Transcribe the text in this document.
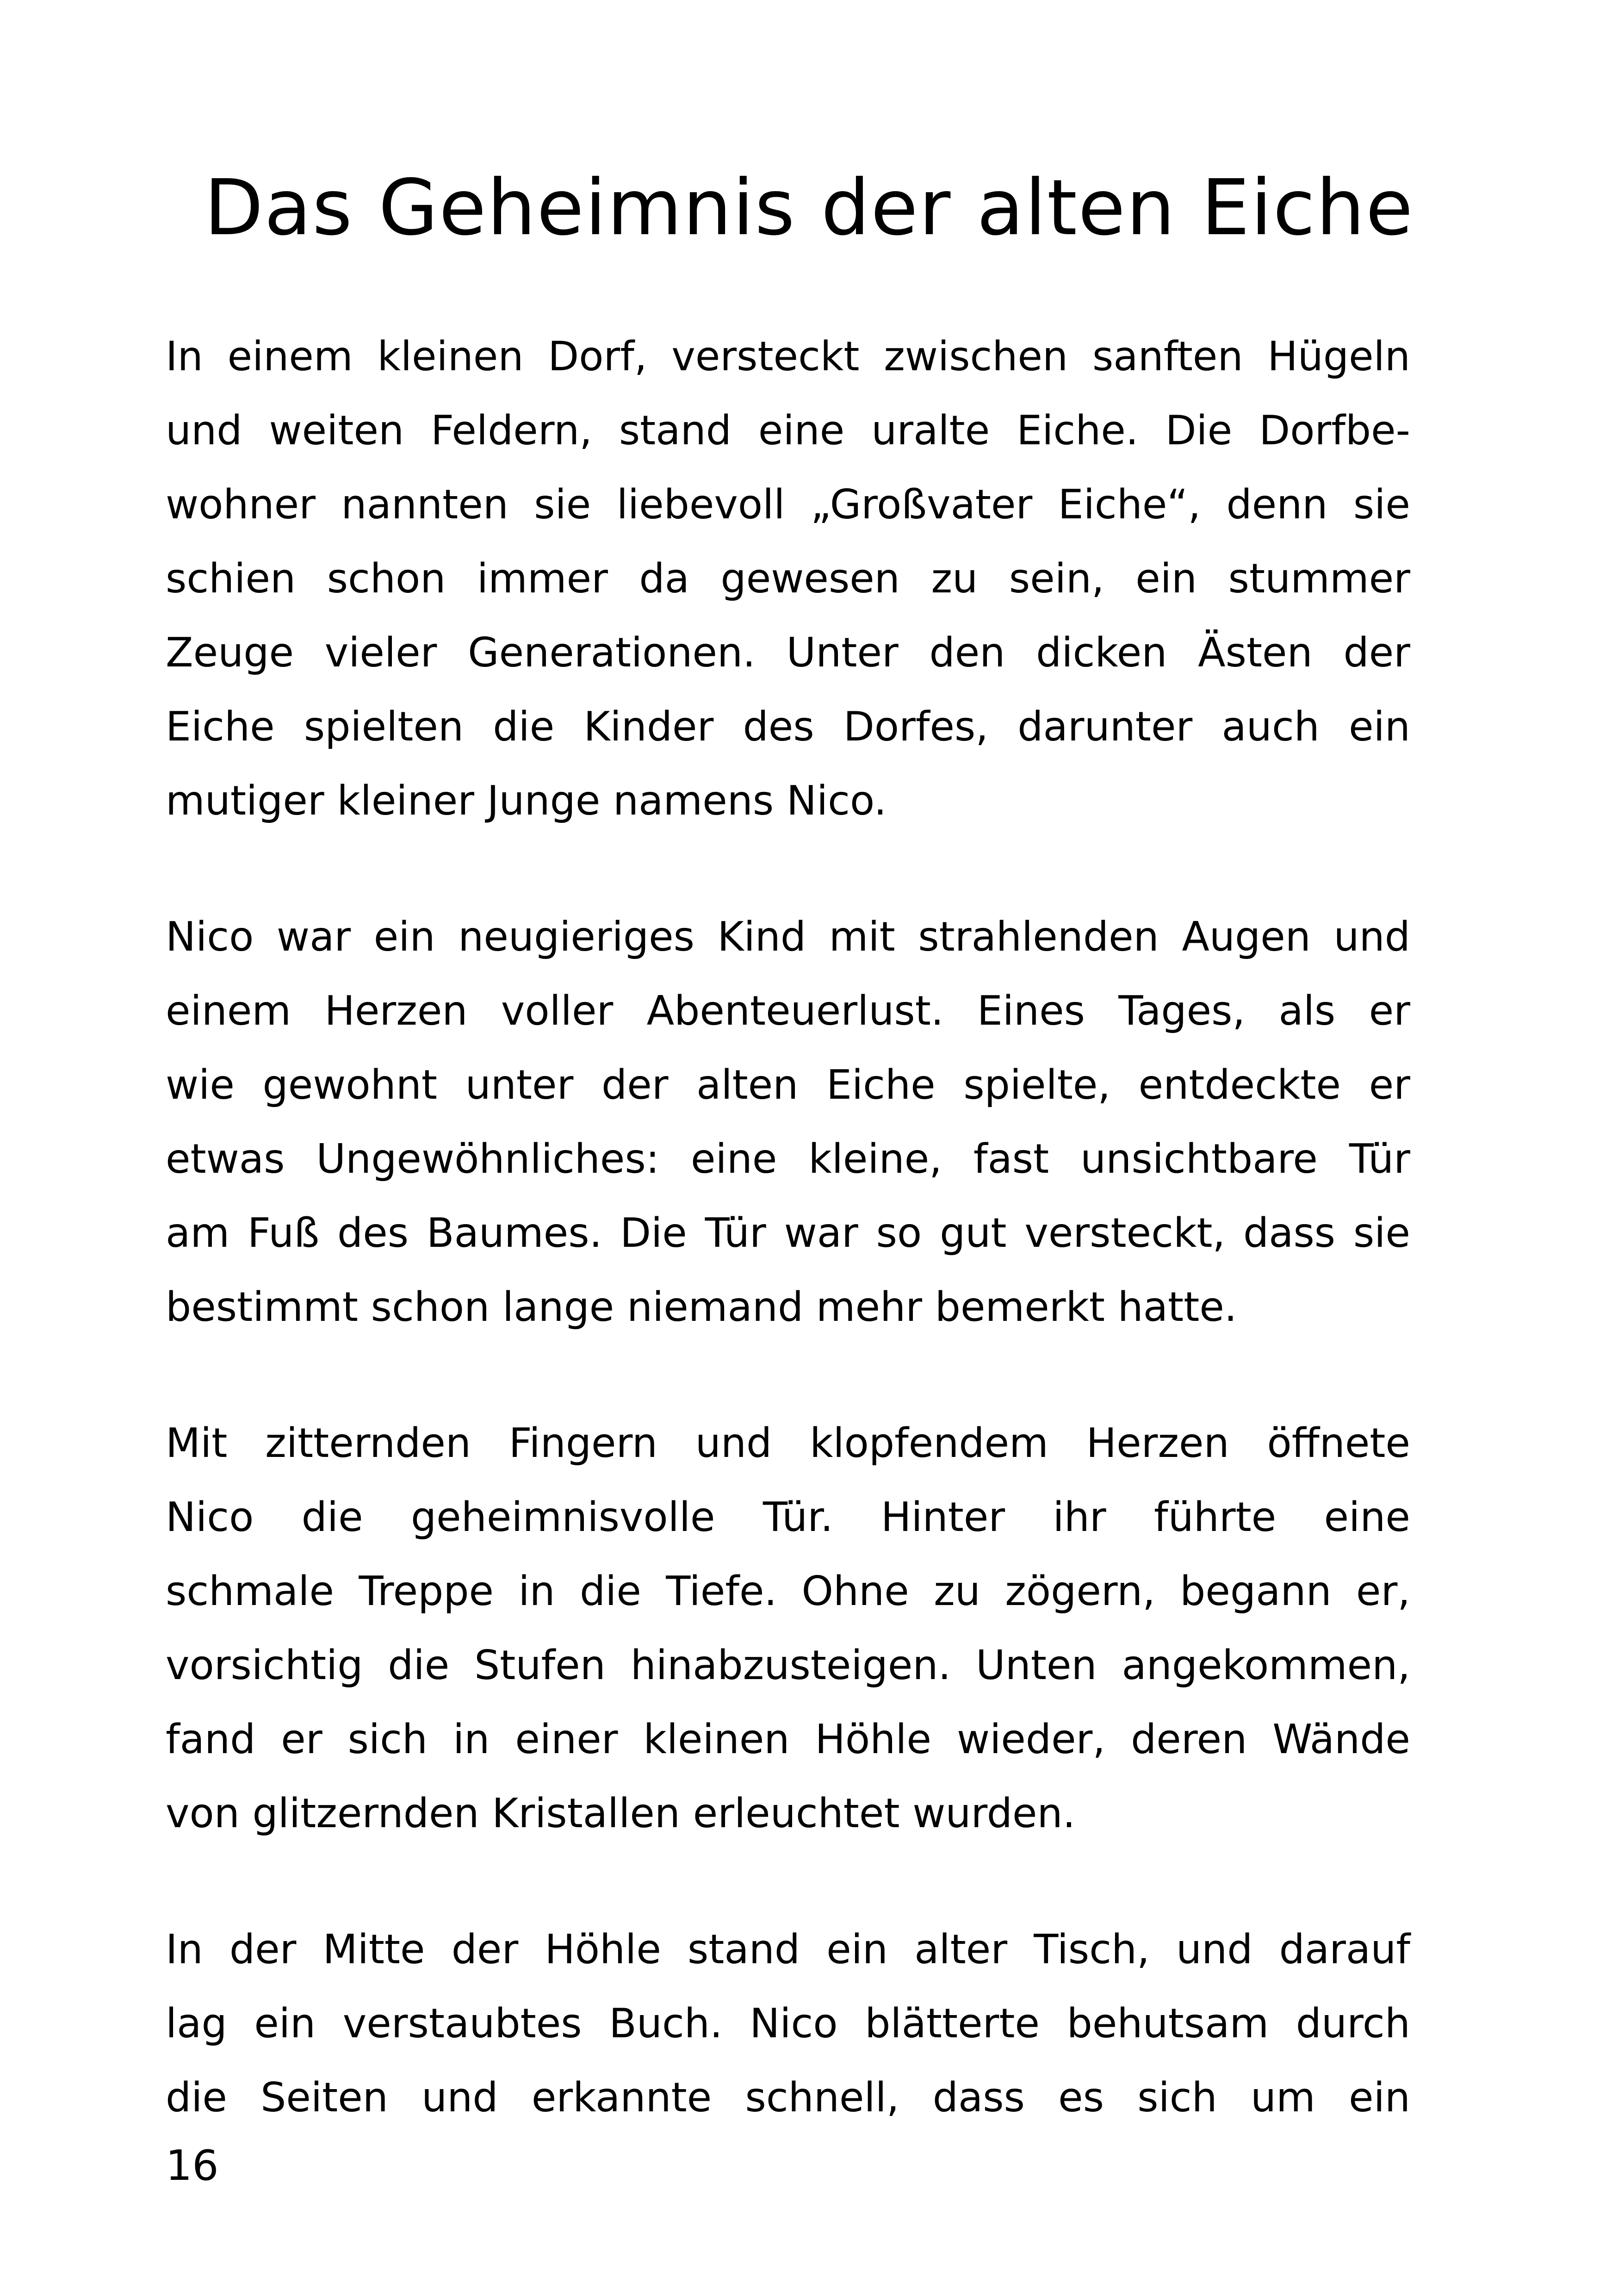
Das Geheimnis der alten Eiche

In einem kleinen Dorf, versteckt zwischen sanften Hügeln
und weiten Feldern, stand eine uralte Eiche. Die Dorfbe-
wohner nannten sie liebevoll „Großvater Eiche“, denn sie
schien schon immer da gewesen zu sein, ein stummer
Zeuge vieler Generationen. Unter den dicken Ästen der
Eiche spielten die Kinder des Dorfes, darunter auch ein
mutiger kleiner Junge namens Nico.

Nico war ein neugieriges Kind mit strahlenden Augen und
einem Herzen voller Abenteuerlust. Eines Tages, als er
wie gewohnt unter der alten Eiche spielte, entdeckte er
etwas Ungewöhnliches: eine kleine, fast unsichtbare Tür
am Fuß des Baumes. Die Tür war so gut versteckt, dass sie
bestimmt schon lange niemand mehr bemerkt hatte.

Mit zitternden Fingern und klopfendem Herzen öffnete
Nico die geheimnisvolle Tür. Hinter ihr führte eine
schmale Treppe in die Tiefe. Ohne zu zögern, begann er,
vorsichtig die Stufen hinabzusteigen. Unten angekommen,
fand er sich in einer kleinen Höhle wieder, deren Wände
von glitzernden Kristallen erleuchtet wurden.

In der Mitte der Höhle stand ein alter Tisch, und darauf
lag ein verstaubtes Buch. Nico blätterte behutsam durch
die Seiten und erkannte schnell, dass es sich um ein

16
